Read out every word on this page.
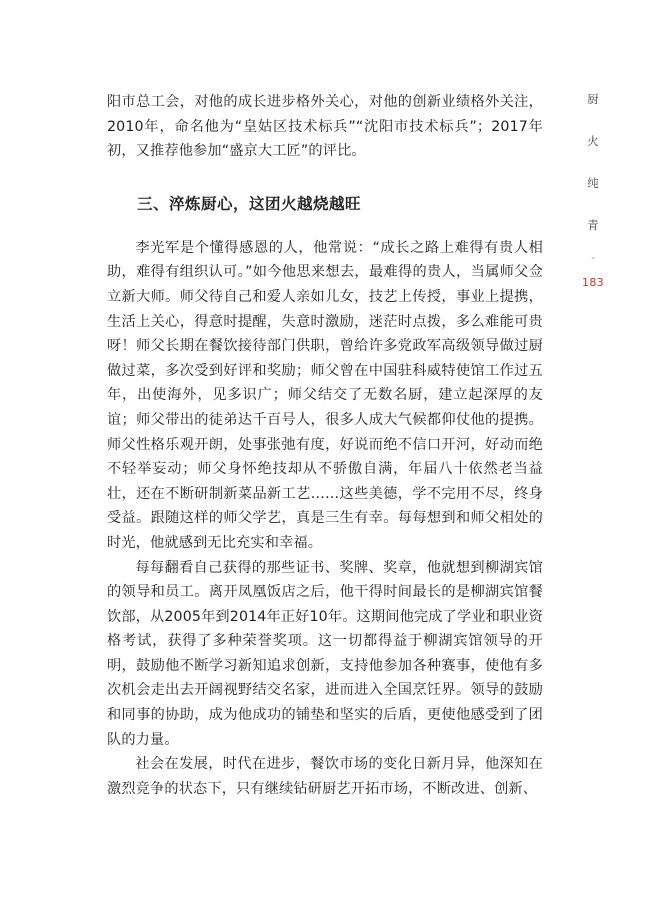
阳市总工会，对他的成长进步格外关心，对他的创新业绩格外关注，2010年，命名他为“皇姑区技术标兵”“沈阳市技术标兵”；2017年初，又推荐他参加“盛京大工匠”的评比。

三、淬炼厨心，这团火越烧越旺

李光军是个懂得感恩的人，他常说：“成长之路上难得有贵人相助，难得有组织认可。”如今他思来想去，最难得的贵人，当属师父佥立新大师。师父待自己和爱人亲如儿女，技艺上传授，事业上提携，生活上关心，得意时提醒，失意时激励，迷茫时点拨，多么难能可贵呀！师父长期在餐饮接待部门供职，曾给许多党政军高级领导做过厨做过菜，多次受到好评和奖励；师父曾在中国驻科威特使馆工作过五年，出使海外，见多识广；师父结交了无数名厨，建立起深厚的友谊；师父带出的徒弟达千百号人，很多人成大气候都仰仗他的提携。师父性格乐观开朗，处事张弛有度，好说而绝不信口开河，好动而绝不轻举妄动；师父身怀绝技却从不骄傲自满，年届八十依然老当益壮，还在不断研制新菜品新工艺……这些美德，学不完用不尽，终身受益。跟随这样的师父学艺，真是三生有幸。每每想到和师父相处的时光，他就感到无比充实和幸福。

每每翻看自己获得的那些证书、奖牌、奖章，他就想到柳湖宾馆的领导和员工。离开凤凰饭店之后，他干得时间最长的是柳湖宾馆餐饮部，从2005年到2014年正好10年。这期间他完成了学业和职业资格考试，获得了多种荣誉奖项。这一切都得益于柳湖宾馆领导的开明，鼓励他不断学习新知追求创新，支持他参加各种赛事，使他有多次机会走出去开阔视野结交名家，进而进入全国烹饪界。领导的鼓励和同事的协助，成为他成功的铺垫和坚实的后盾，更使他感受到了团队的力量。

社会在发展，时代在进步，餐饮市场的变化日新月异，他深知在激烈竞争的状态下，只有继续钻研厨艺开拓市场，不断改进、创新、

厨
火
纯
青
-
183
